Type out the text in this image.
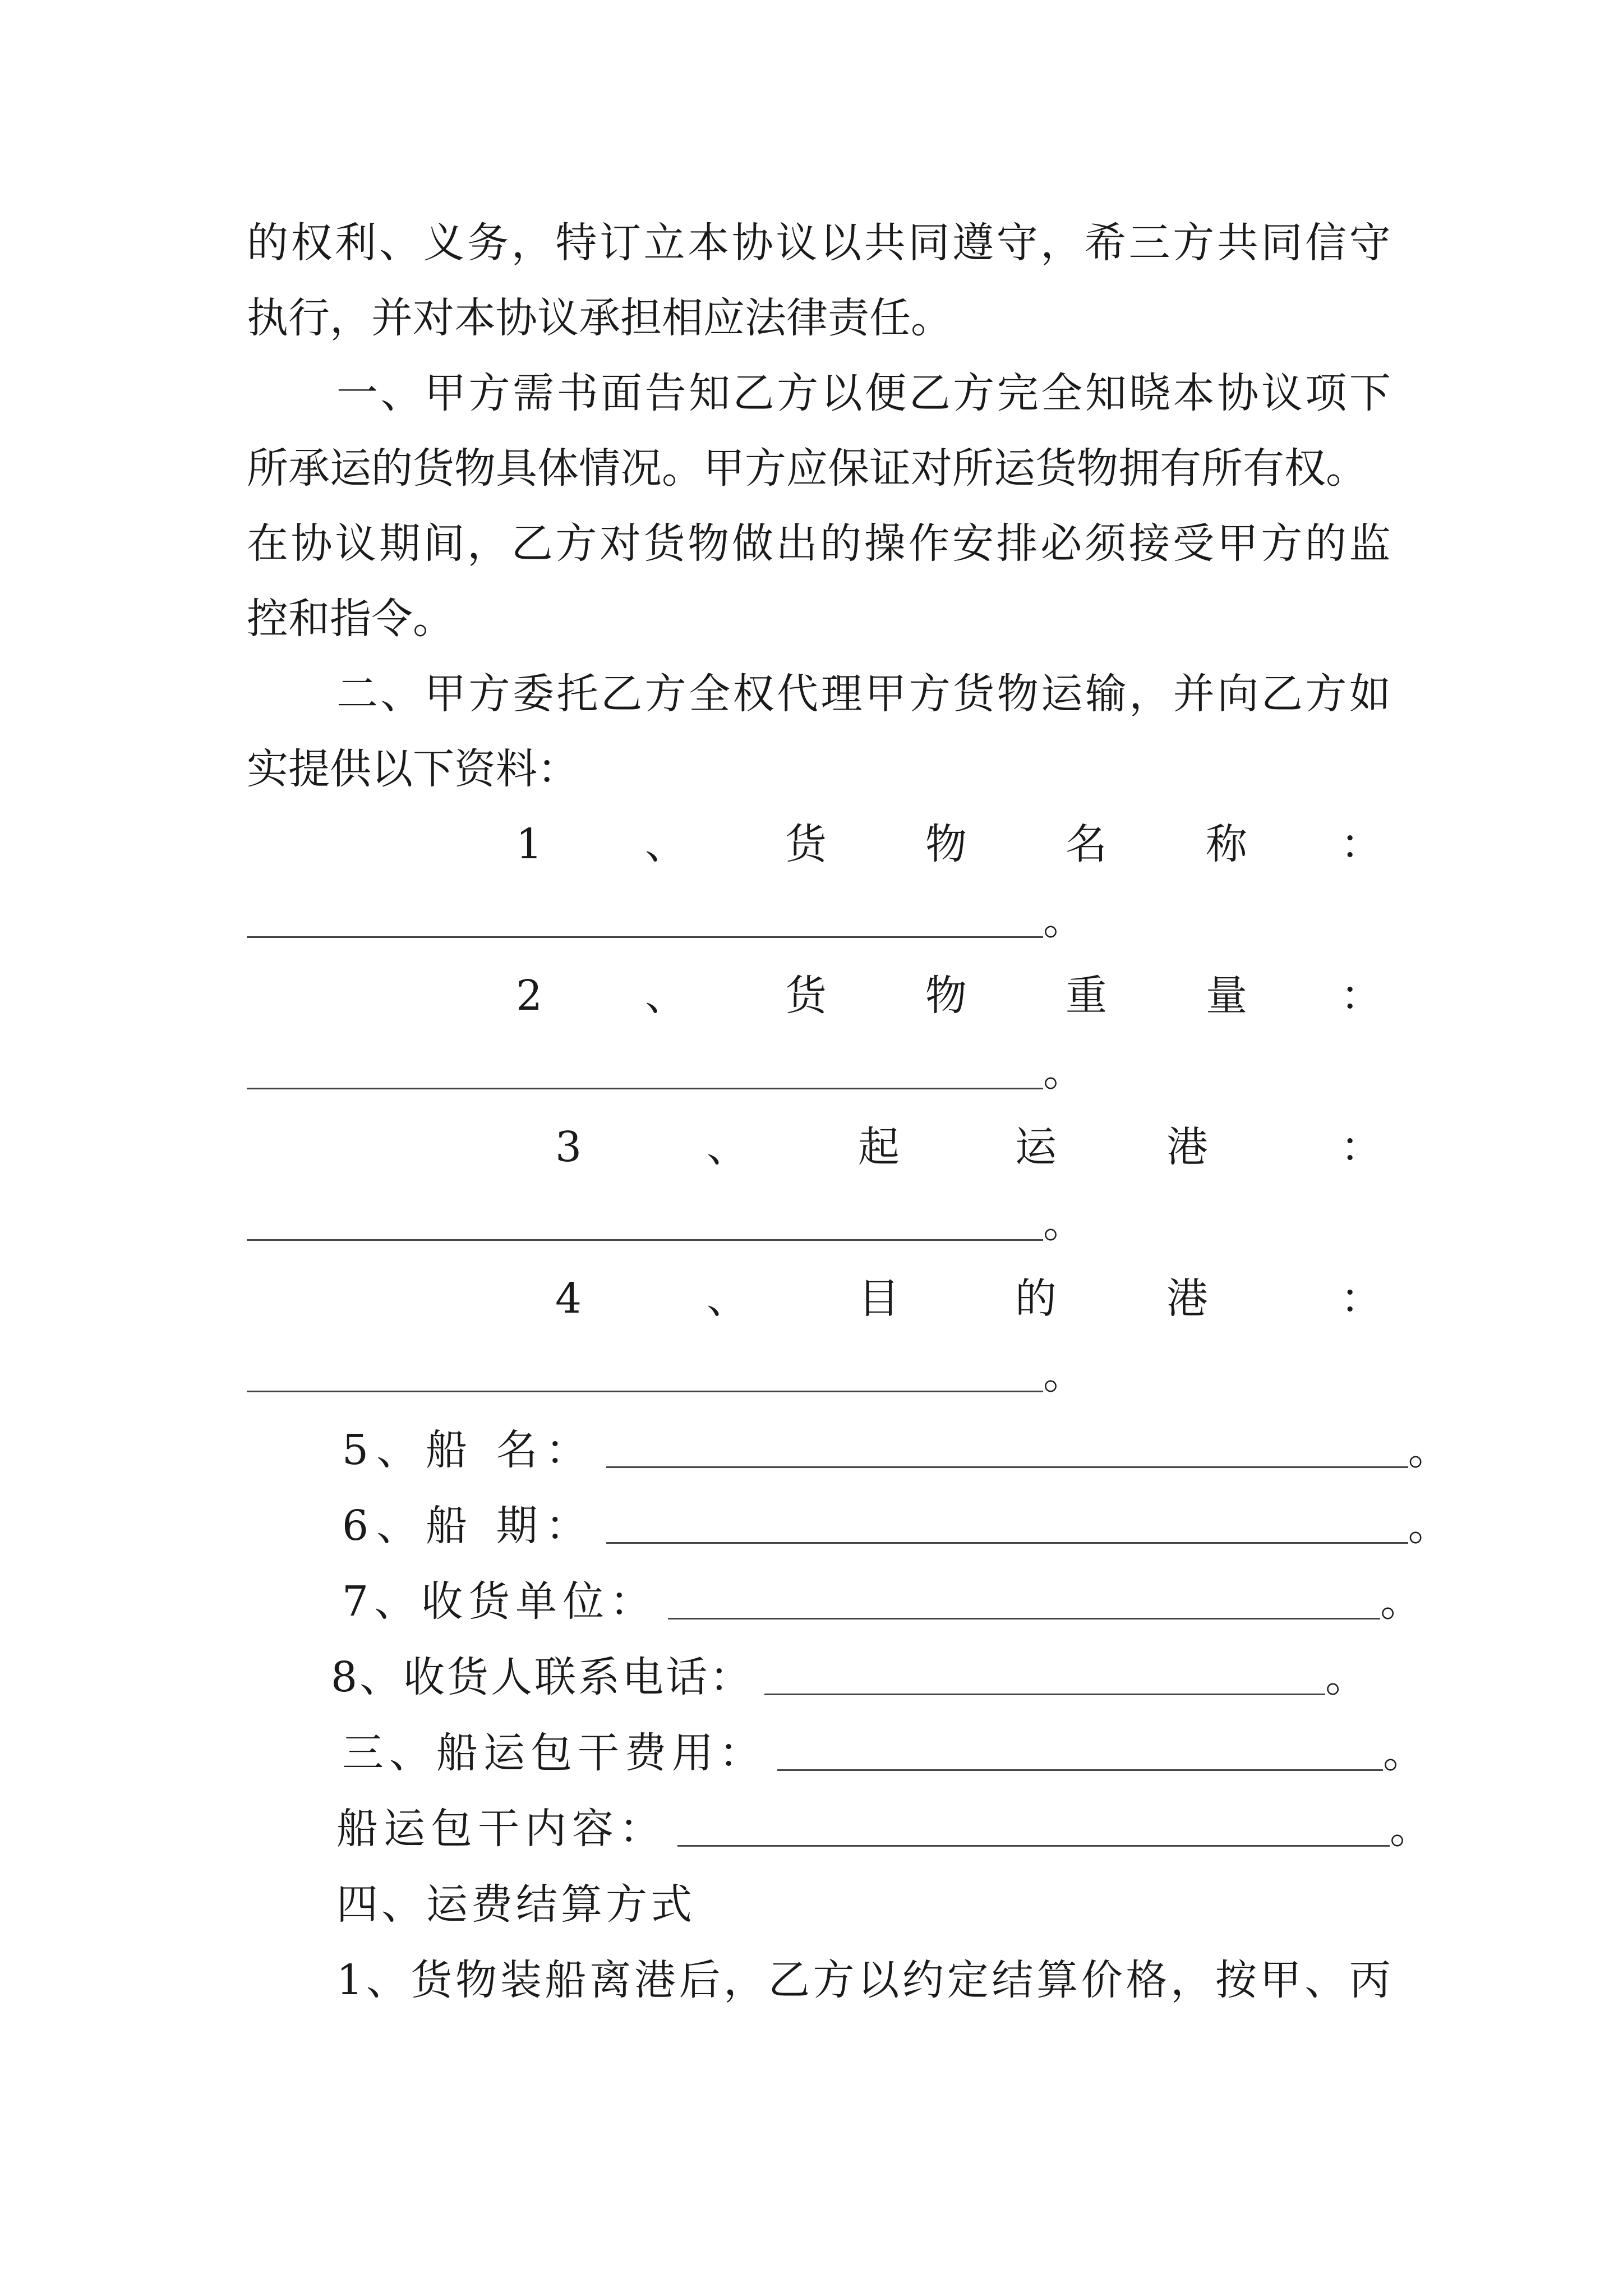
的 权 利 、 义 务 ， 特 订 立 本 协 议 以 共 同 遵 守 ， 希 三 方 共 同 信 守
执行，并对本协议承担相应法律责任。
一 、 甲 方 需 书 面 告 知 乙 方 以 便 乙 方 完 全 知 晓 本 协 议 项 下
所承运的货物具体情况。甲方应保证对所运货物拥有所有权。
在 协 议 期 间 ， 乙 方 对 货 物 做 出 的 操 作 安 排 必 须 接 受 甲 方 的 监
控和指令。
二 、 甲 方 委 托 乙 方 全 权 代 理 甲 方 货 物 运 输 ， 并 向 乙 方 如
实提供以下资料：
1 、 货 物 名 称 ：
。
2 、 货 物 重 量 ：
。
3	、	起	运	港	：
。
4	、	目	的	港	：
。
5、船 名：	。
6、船 期：	。
7、收货单位：	。
8、收货人联系电话：	。
三、船运包干费用：	。
船运包干内容：	。
四、运费结算方式
1 、 货 物 装 船 离 港 后 ， 乙 方 以 约 定 结 算 价 格 ， 按 甲 、 丙
